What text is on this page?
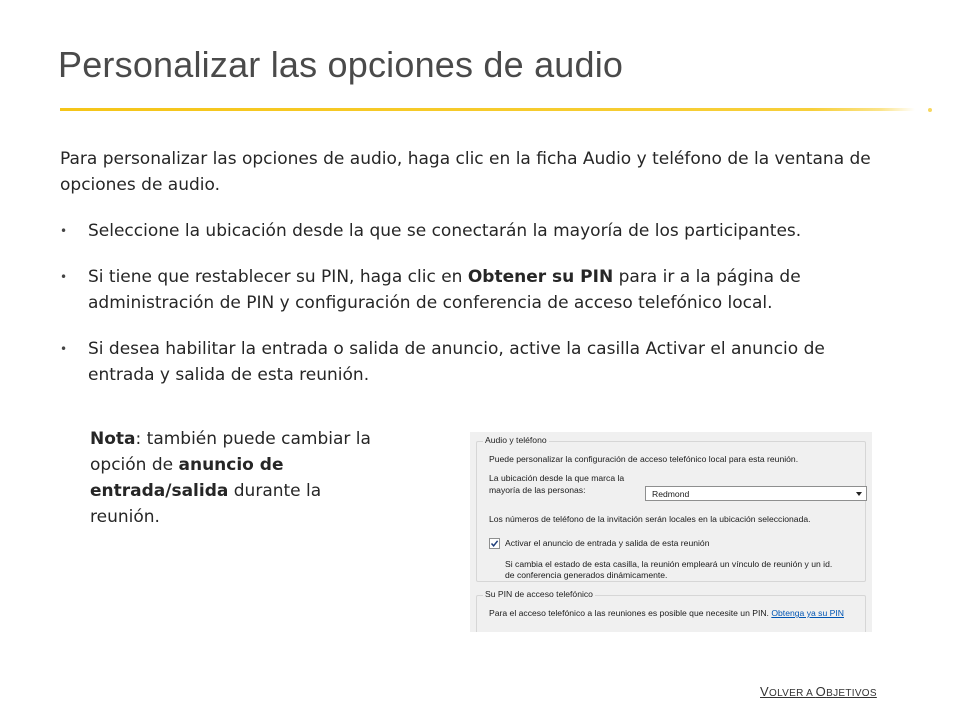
Personalizar las opciones de audio

Para personalizar las opciones de audio, haga clic en la ficha Audio y teléfono de la ventana de opciones de audio.

• Seleccione la ubicación desde la que se conectarán la mayoría de los participantes.
• Si tiene que restablecer su PIN, haga clic en Obtener su PIN para ir a la página de administración de PIN y configuración de conferencia de acceso telefónico local.
• Si desea habilitar la entrada o salida de anuncio, active la casilla Activar el anuncio de entrada y salida de esta reunión.
Nota: también puede cambiar la opción de anuncio de entrada/salida durante la reunión.
Audio y teléfono
Puede personalizar la configuración de acceso telefónico local para esta reunión.
La ubicación desde la que marca la
mayoría de las personas:	Redmond
Los números de teléfono de la invitación serán locales en la ubicación seleccionada.
Activar el anuncio de entrada y salida de esta reunión
Si cambia el estado de esta casilla, la reunión empleará un vínculo de reunión y un id.
de conferencia generados dinámicamente.
Su PIN de acceso telefónico
Para el acceso telefónico a las reuniones es posible que necesite un PIN. Obtenga ya su PIN
VOLVER A OBJETIVOS
